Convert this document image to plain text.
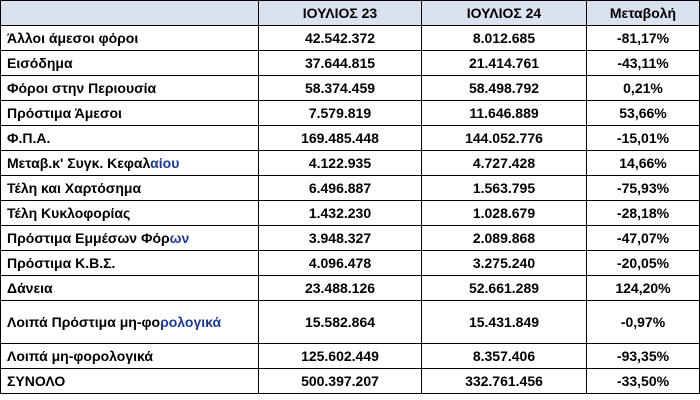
	ΙΟΥΛΙΟΣ 23	ΙΟΥΛΙΟΣ 24	Μεταβολή
Άλλοι άμεσοι φόροι	42.542.372	8.012.685	-81,17%
Εισόδημα	37.644.815	21.414.761	-43,11%
Φόροι στην Περιουσία	58.374.459	58.498.792	0,21%
Πρόστιμα Άμεσοι	7.579.819	11.646.889	53,66%
Φ.Π.Α.	169.485.448	144.052.776	-15,01%
Μεταβ.κ' Συγκ. Κεφαλαίου	4.122.935	4.727.428	14,66%
Τέλη και Χαρτόσημα	6.496.887	1.563.795	-75,93%
Τέλη Κυκλοφορίας	1.432.230	1.028.679	-28,18%
Πρόστιμα Εμμέσων Φόρων	3.948.327	2.089.868	-47,07%
Πρόστιμα Κ.Β.Σ.	4.096.478	3.275.240	-20,05%
Δάνεια	23.488.126	52.661.289	124,20%
Λοιπά Πρόστιμα μη-φορολογικά	15.582.864	15.431.849	-0,97%
Λοιπά μη-φορολογικά	125.602.449	8.357.406	-93,35%
ΣΥΝΟΛΟ	500.397.207	332.761.456	-33,50%
